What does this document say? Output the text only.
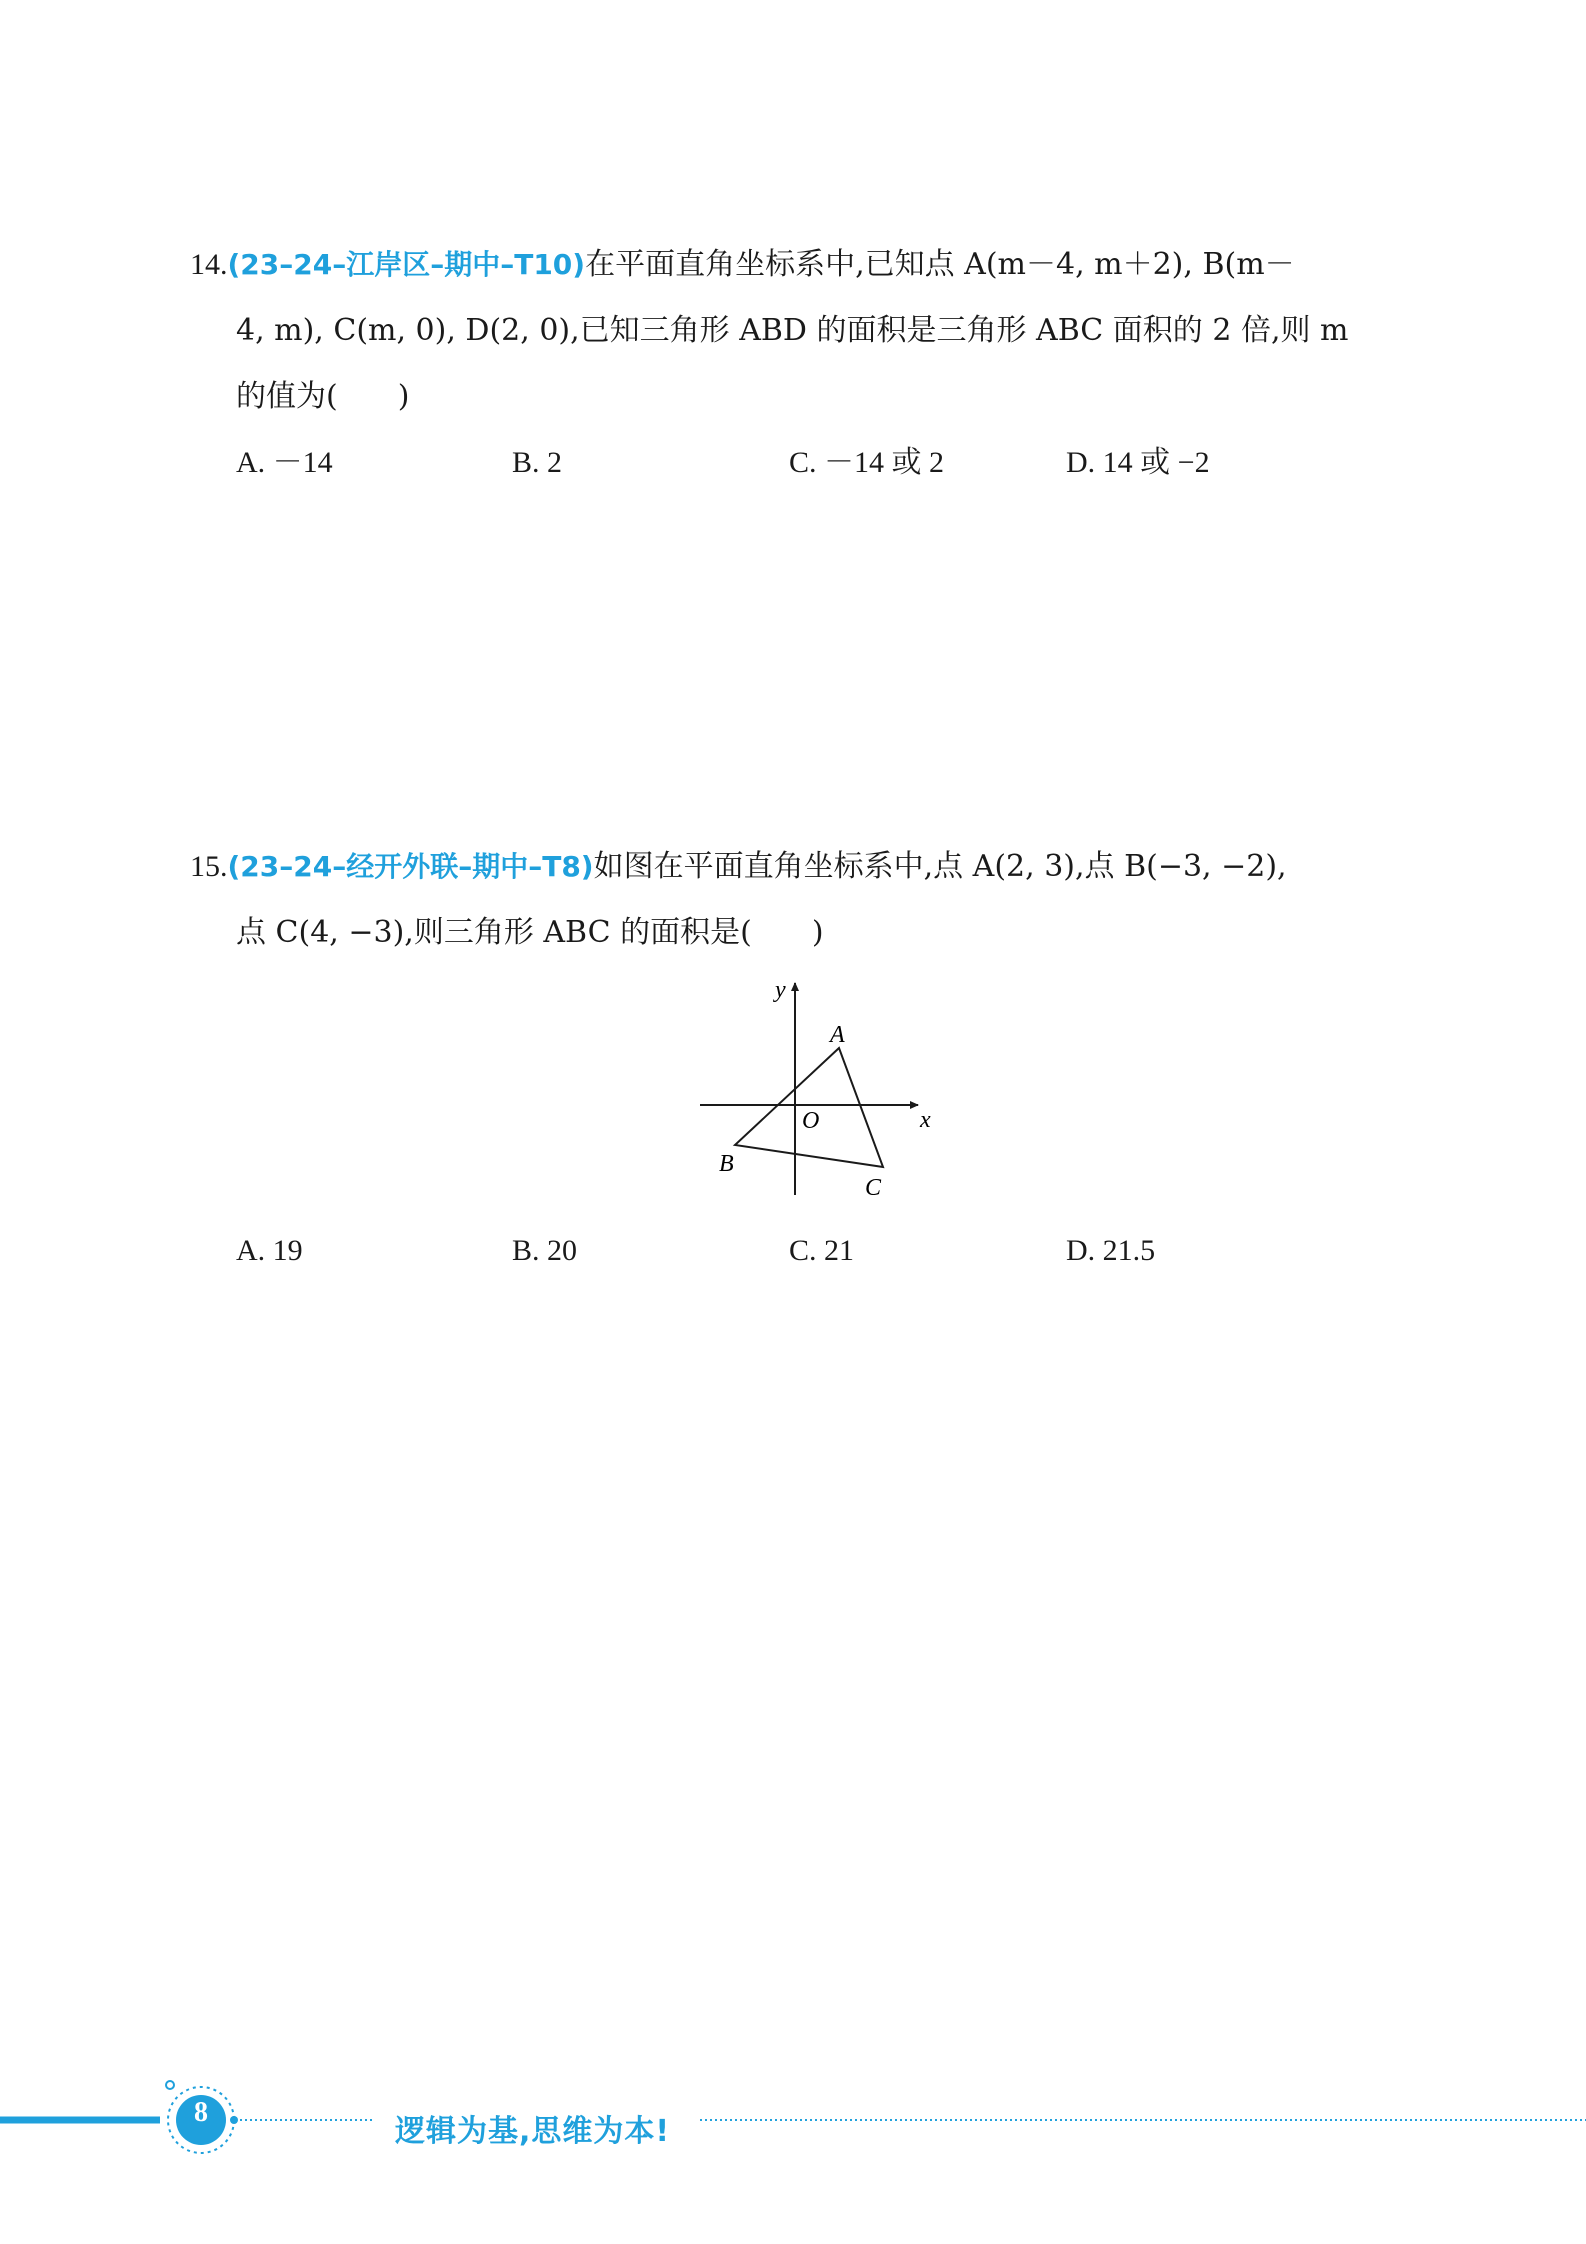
14.(23–24–江岸区–期中–T10)在平面直角坐标系中,已知点 A(m－4, m＋2), B(m－
4, m), C(m, 0), D(2, 0),已知三角形 ABD 的面积是三角形 ABC 面积的 2 倍,则 m
的值为(　　)
A. －14	B. 2	C. －14 或 2	D. 14 或 −2
15.(23–24–经开外联–期中–T8)如图在平面直角坐标系中,点 A(2, 3),点 B(−3, −2),
点 C(4, −3),则三角形 ABC 的面积是(　　)
y
x
O
A
B
C
A. 19	B. 20	C. 21	D. 21.5
8
逻辑为基,思维为本!
